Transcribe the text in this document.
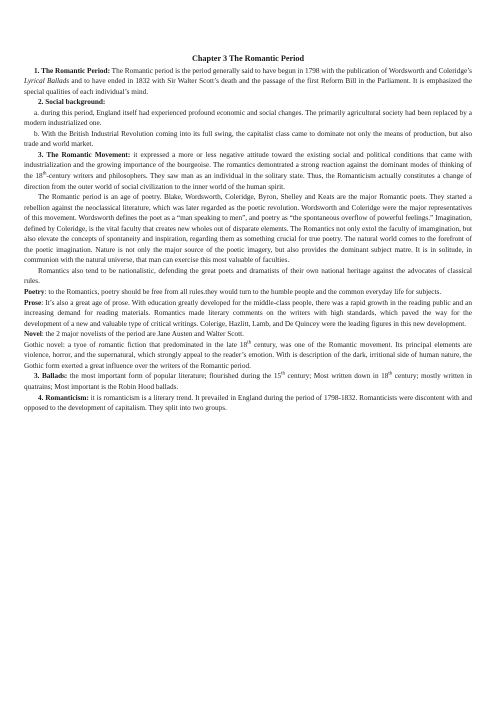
Chapter 3 The Romantic Period

1. The Romantic Period: The Romantic period is the period generally said to have begun in 1798 with the publication of Wordsworth and Coleridge’s Lyrical Ballads and to have ended in 1832 with Sir Walter Scott’s death and the passage of the first Reform Bill in the Parliament. It is emphasized the special qualities of each individual’s mind.

2. Social background:

a. during this period, England itself had experienced profound economic and social changes. The primarily agricultural society had been replaced by a modern industrialized one.

b. With the British Industrial Revolution coming into its full swing, the capitalist class came to dominate not only the means of production, but also trade and world market.

3. The Romantic Movement: it expressed a more or less negative attitude toward the existing social and political conditions that came with industrialization and the growing importance of the bourgeoise. The romantics demontrated a strong reaction against the dominant modes of thinking of the 18th-century writers and philosophers. They saw man as an individual in the solitary state. Thus, the Romanticism actually constitutes a change of direction from the outer world of social civilization to the inner world of the human spirit.

The Romantic period is an age of poetry. Blake, Wordsworth, Coleridge, Byron, Shelley and Keats are the major Romantic poets. They started a rebellion against the neoclassical literature, which was later regarded as the poetic revolution. Wordsworth and Coleridge were the major representatives of this movement. Wordsworth defines the poet as a “man speaking to men”, and poetry as “the spontaneous overflow of powerful feelings.” Imagination, defined by Coleridge, is the vital faculty that creates new wholes out of disparate elements. The Romantics not only extol the faculty of imamgination, but also elevate the concepts of spontaneity and inspiration, regarding them as something crucial for true poetry. The natural world comes to the forefront of the poetic imagination. Nature is not only the major source of the poetic imagery, but also provides the dominant subject matre. It is in solitude, in communion with the natural universe, that man can exercise this most valuable of faculties.

Romantics also tend to be nationalistic, defending the great poets and dramatists of their own national heritage against the advocates of classical rules.

Poetry: to the Romantics, poetry should be free from all rules.they would turn to the humble people and the common everyday life for subjects.

Prose: It’s also a great age of prose. With education greatly developed for the middle-class people, there was a rapid growth in the reading public and an increasing demand for reading materials. Romantics made literary comments on the writers with high standards, which paved the way for the development of a new and valuable type of critical writings. Colerige, Hazlitt, Lamb, and De Quincey were the leading figures in this new development.

Novel: the 2 major novelists of the period are Jane Austen and Walter Scott.

Gothic novel: a tyoe of romantic fiction that predominated in the late 18th century, was one of the Romantic movement. Its principal elements are violence, horror, and the supernatural, which strongly appeal to the reader’s emotion. With is description of the dark, irritional side of human nature, the Gothic form exerted a great influence over the writers of the Romantic period.

3. Ballads: the most important form of popular literature; flourished during the 15th century; Most written down in 18th century; mostly written in quatrains; Most important is the Robin Hood ballads.

4. Romanticism: it is romanticism is a literary trend. It prevailed in England during the period of 1798-1832. Romanticists were discontent with and opposed to the development of capitalism. They split into two groups.
